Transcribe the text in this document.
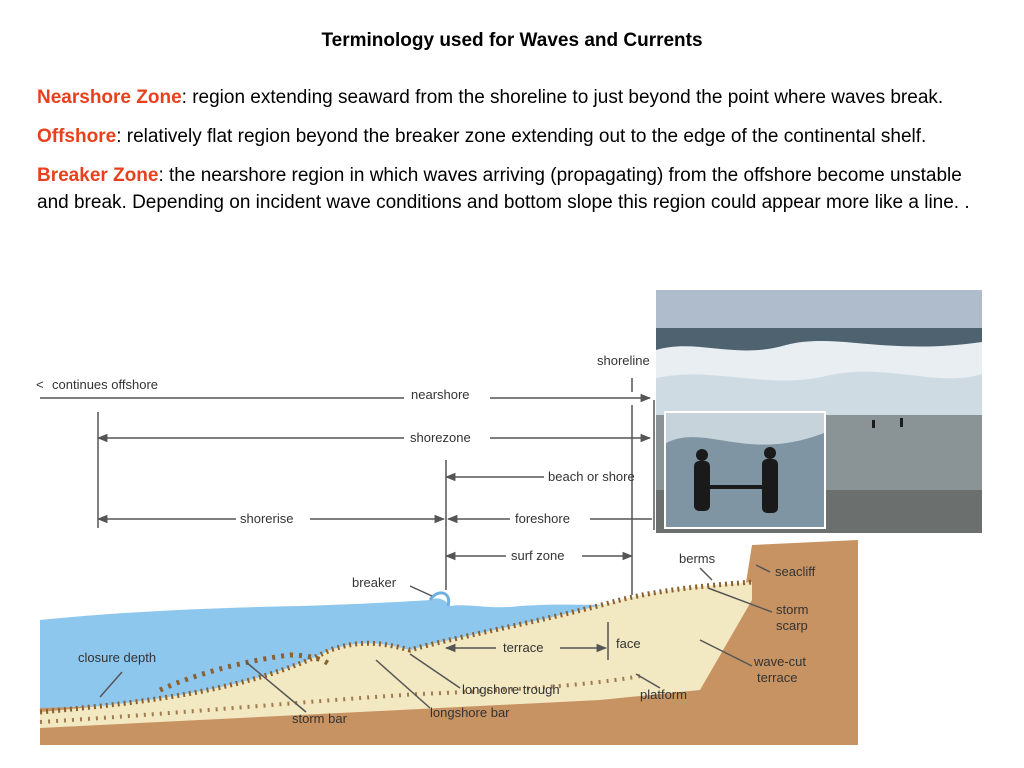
Terminology used for Waves and Currents

Nearshore Zone: region extending seaward from the shoreline to just beyond the point where waves break.

Offshore: relatively flat region beyond the breaker zone extending out to the edge of the continental shelf.

Breaker Zone: the nearshore region in which waves arriving (propagating) from the offshore become unstable and break. Depending on incident wave conditions and bottom slope this region could appear more like a line. .

< continues offshore
shoreline
nearshore
shorezone
beach or shore
shorerise	foreshore
surf zone	berms
breaker
seacliff
storm
scarp
closure depth
terrace	face
wave-cut
terrace
longshore trough	platform
longshore bar
storm bar
